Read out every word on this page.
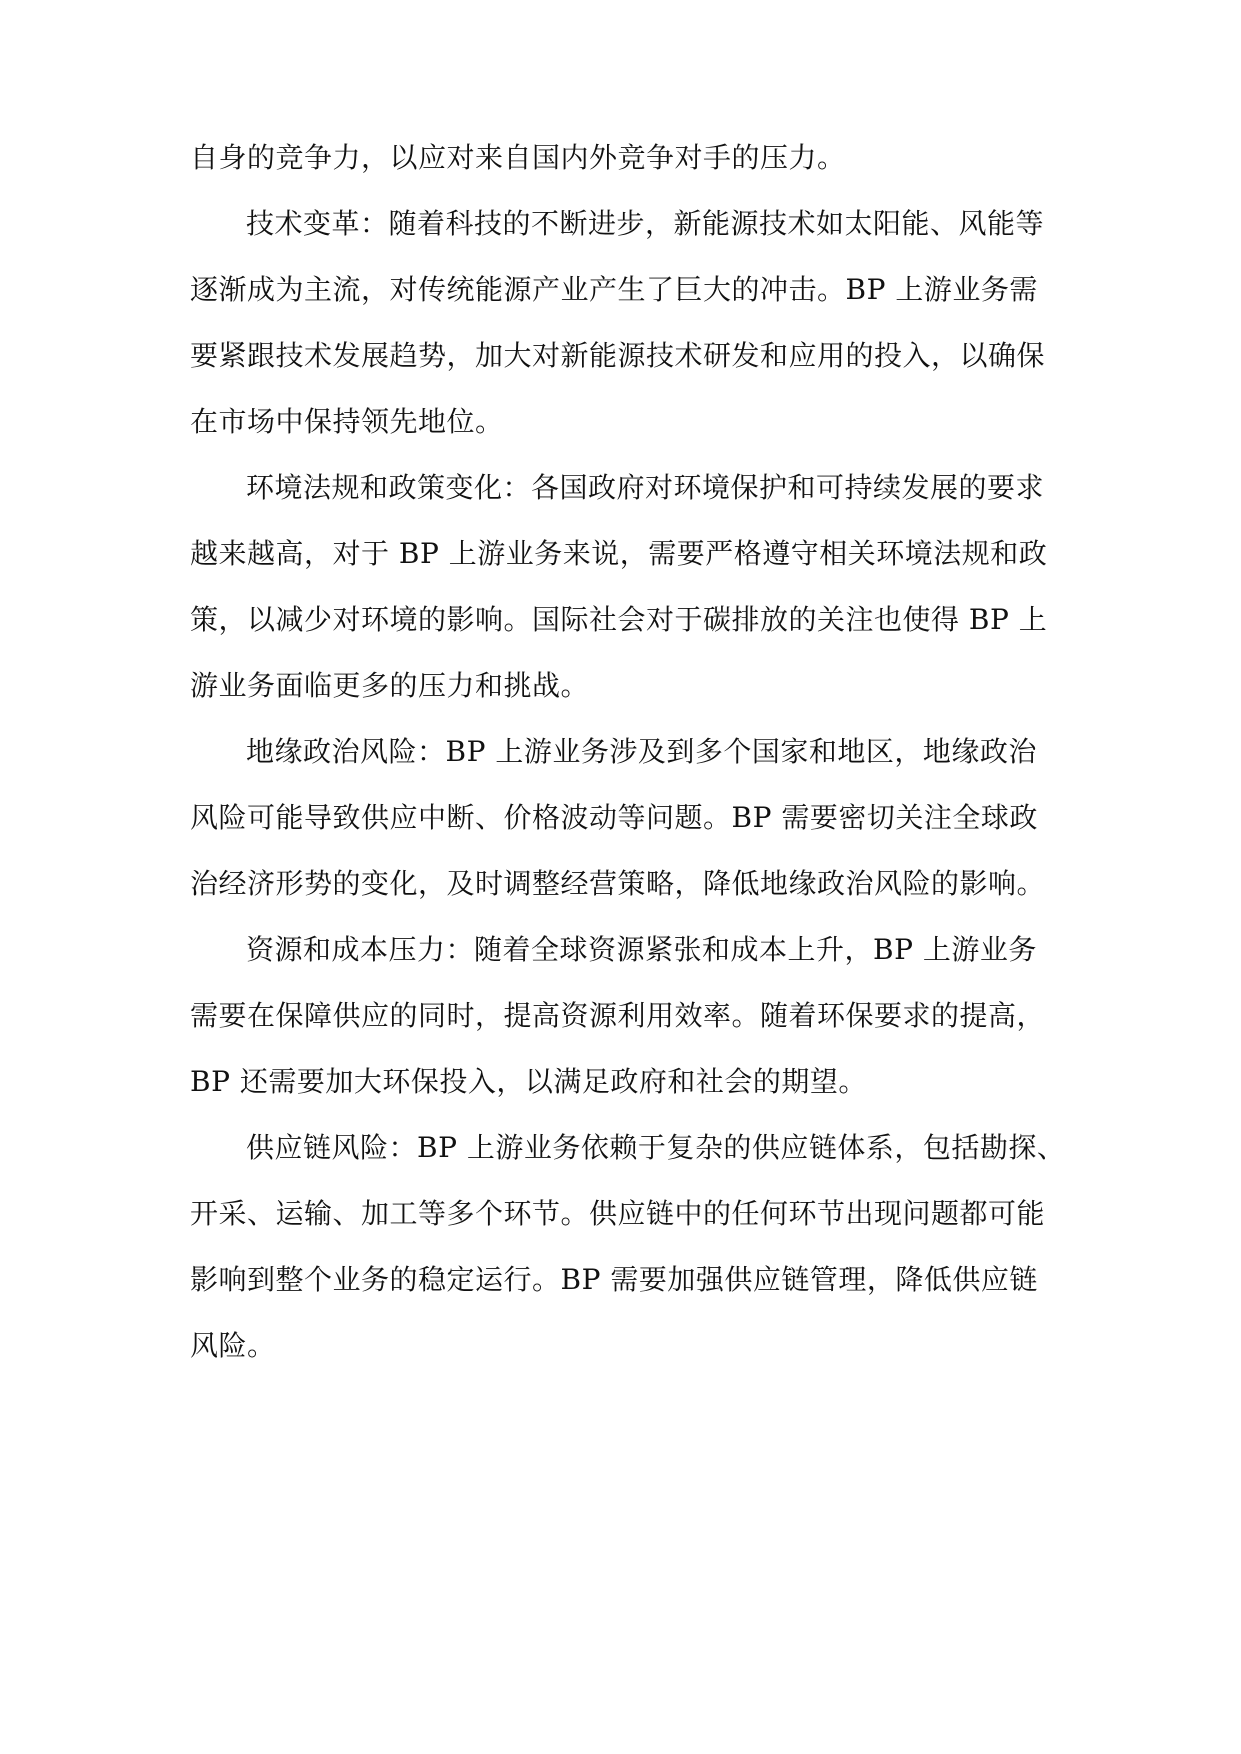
自身的竞争力，以应对来自国内外竞争对手的压力。
技术变革：随着科技的不断进步，新能源技术如太阳能、风能等
逐渐成为主流，对传统能源产业产生了巨大的冲击。BP 上游业务需
要紧跟技术发展趋势，加大对新能源技术研发和应用的投入，以确保
在市场中保持领先地位。
环境法规和政策变化：各国政府对环境保护和可持续发展的要求
越来越高，对于 BP 上游业务来说，需要严格遵守相关环境法规和政
策，以减少对环境的影响。国际社会对于碳排放的关注也使得 BP 上
游业务面临更多的压力和挑战。
地缘政治风险：BP 上游业务涉及到多个国家和地区，地缘政治
风险可能导致供应中断、价格波动等问题。BP 需要密切关注全球政
治经济形势的变化，及时调整经营策略，降低地缘政治风险的影响。
资源和成本压力：随着全球资源紧张和成本上升，BP 上游业务
需要在保障供应的同时，提高资源利用效率。随着环保要求的提高，
BP 还需要加大环保投入，以满足政府和社会的期望。
供应链风险：BP 上游业务依赖于复杂的供应链体系，包括勘探、
开采、运输、加工等多个环节。供应链中的任何环节出现问题都可能
影响到整个业务的稳定运行。BP 需要加强供应链管理，降低供应链
风险。
